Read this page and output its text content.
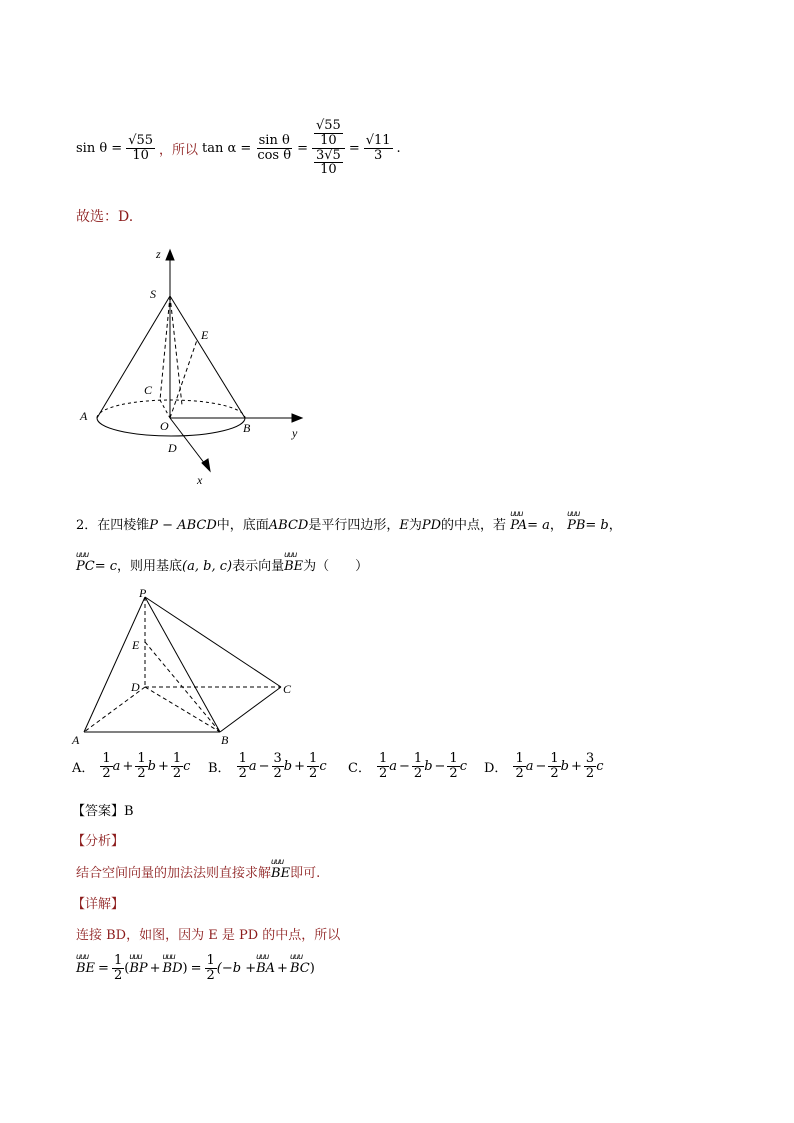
$\sin \theta = \frac{√55}{10}$ ，所以 $\tan \alpha = \frac{\text{sin θ}}{\text{cos θ}} = \frac{\frac{√55}{10}}{\frac{3√5}{10}} = \frac{√11}{3}$ .
故选：D.
z
S
E
C
A
O	B	y
D
x
2．在四棱锥P − ABCD中，底面ABCD是平行四边形，E为PD的中点，若 uuu PA= a， uuu PB= b，
uuu PC= c，则用基底(a, b, c)表示向量uuu BE为（　　）
P
E
D	C
A	B
A． $\frac{1}{2}$ $a + \frac{1}{2}$ $b + \frac{1}{2}$ c B． $\frac{1}{2}$ $a - \frac{3}{2}$ $b + \frac{1}{2}$ c C． $\frac{1}{2}$ $a - \frac{1}{2}$ $b - \frac{1}{2}$ c D． $\frac{1}{2}$ $a - \frac{1}{2}$ $b + \frac{3}{2}$ c
【答案】B
【分析】
结合空间向量的加法法则直接求解uuu BE即可.
【详解】
连接 BD，如图，因为 E 是 PD 的中点，所以
uuu BE = $\frac{1}{2}$ ( uuu BP + uuu BD ) = $\frac{1}{2} (-b$ + uuu BA + uuu BC )
